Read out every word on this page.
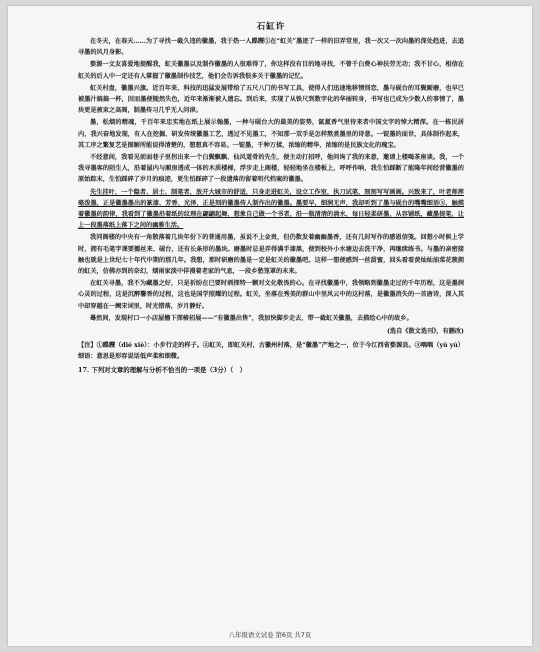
石缸许

在冬天，在春天……为了寻找一截久违的徽墨，我于热一人蹀躞①在“虹关”墨迹了一样的旧弄堂里，我一次又一次向墨的深处趋进，去追寻墨的风月身影。

婺源一文友喜爱地提醒我，虹关徽墨以及制作徽墨的人很难得了，你这样没有目的地寻找，不曾千白费心神扶劳无功；我不甘心，相信在虹关的后人中一定还有人掌握了徽墨制作技艺，他们会告诉我很多关于徽墨的记忆。

虹关村盘，徽墨兴旗。近百年来，科技的迅猛发展带给了五尺八门的书写工具，使得人们迅速地移情别恋，墨与砚台的耳鬓厮磨，也早已被墨汁搞搞一杯，因而墨便随然失色，近年来渐渐被人遗忘。到后来，实现了从铁尺到数字化的华丽转身，书写也已成为少数人的事情了，墨块更是被束之高阁，制墨传习几乎无人问津。

墨，松烟的精魂，千百年来忠实地在纸上展示翰墨，一种与砚台大的最美的姿势，氤氲香气里待来者中国文字的悼大精深。在一栋民居内，我兴奋地发现，有人在挖掘、研发传统徽墨工艺，透过不见墨工，不知那一双手是怎样熬煮墨里的诗意。一锭墨的面世，具体制作起来，其工序之繁复艺是图解所能说得清楚的，想想真不容易。一锭墨，千种万揉，浓缩的精华，浓缩的是民族文化的瑰宝。

不经意间，我看见前面巷子里拐出来一个白鬓飘飘、仙风道骨的先生，便主动打招呼，他问询了我的来意，邀请上楼喝茶座谈。我，一个我寻墨客的陌生人，沿着屋内与厢房透成一体的木质楼梯，浮步走上阁楼，轻轻地坐在楼板上，呼呼作响，我生怕踩断了能隆年间经营徽墨的原始踪末，生怕踩碎了岁月的痕迹，更生怕踩碎了一段遗落的留着明代档案的徽墨。

先生挂叶，一个隐者、居士、制笔者，放开大城市的舒适，只身走进虹关，设立工作室，执刀试笔，刻刻写写画画。兴致来了，叶老师挥毫泼墨，正是徽墨墨出的篆漆、芳香、光泽，正是刻的徽墨传人制作出的徽墨。墨要早，细润无声，我却听到了墨与砚台的嘴嘴细语③，触摸着徽墨的韵律，我看到了徽墨沿着纸的纹理在翩翩起舞，想象自己做一个书者，沿一瓶清清的淌水，每日轻柔研墨，从容铺纸，藏墨提笔，让上一段墨落纸上落下之间的幽雅生活。

我同阁楼的中央有一角散落着几块年份下的普通用墨，虽说不上金贵，但仍数发着幽幽墨香，还有几封写作的感恩信笺。回想小时候上学时，拥有毛笔字课要挪丝来、砚台，还有长条形的墨块。磨墨时总是弄得满手漆黑，便到校外小水塘边去洗干净，再继续练书。与墨的亲密接触也就是上世纪七十年代中期的那几年。我想，那时研磨的墨是一定是虹关的徽墨吧。这样一想便感到一丝甜蜜，回头看看黄灿灿油菜花簇拥的虹关，仿佛亦到的奈幻，烟雨家淡中佯漫着老家的气息，一段乡愁笼罩的未来。

在虹关寻墨，我不为藏墨之好，只是祈盼在已要时刺探特一颗对文化敬畏的心。在寻找徽墨中，我领略到徽墨走过的千年历程，这是墨润心灵的过程，这是沉醉馨香的过程，这也是国学照耀的过程。虹关，坐落在秀美的群山中里风云中的这村落，是徽墨消失的一首唐诗，深入其中却穿越在一阙宋词里，时光错落，岁月静好。

蓦然间，发现村口一小店屋檐下探椿招展——“有徽墨出售”，我加快脚步走去，带一截虹关徽墨，去描绘心中的故乡。

(选自《散文选刊》，有删改)

【注】①蹀躞（dié xiè）：小步行走的样子。②虹关，即虹关村，古徽州村落，是“徽墨”产地之一，位于今江西省婺源县。③喁喁（yú yú）细语：意思是形容说话低声柔和细微。

17. 下列对文章的理解与分析不恰当的一项是（3分）（　）

八年级语文试卷 第6页 共7页
